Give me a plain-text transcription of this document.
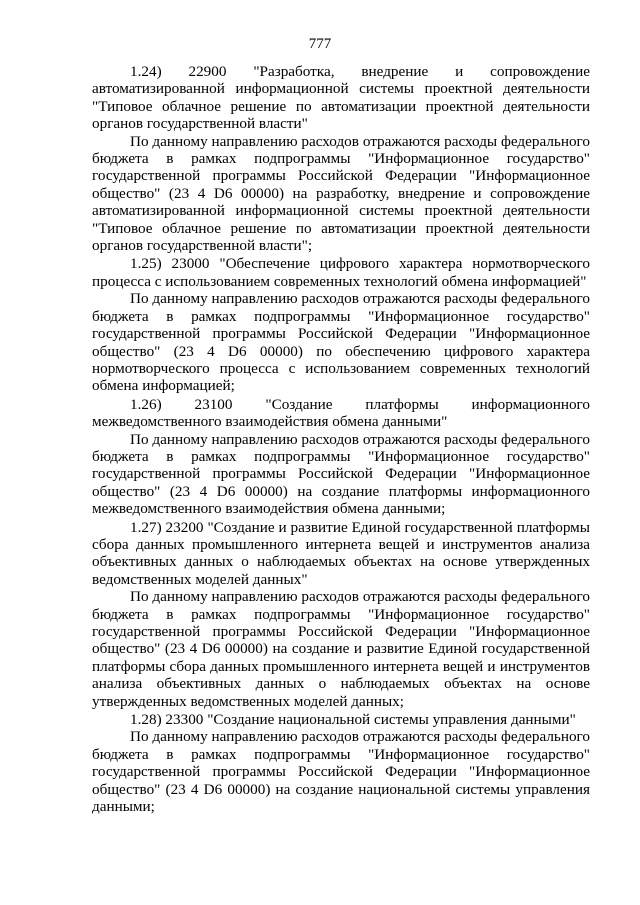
777

1.24) 22900 "Разработка, внедрение и сопровождение автоматизированной информационной системы проектной деятельности "Типовое облачное решение по автоматизации проектной деятельности органов государственной власти"

По данному направлению расходов отражаются расходы федерального бюджета в рамках подпрограммы "Информационное государство" государственной программы Российской Федерации "Информационное общество" (23 4 D6 00000) на разработку, внедрение и сопровождение автоматизированной информационной системы проектной деятельности "Типовое облачное решение по автоматизации проектной деятельности органов государственной власти";

1.25) 23000 "Обеспечение цифрового характера нормотворческого процесса с использованием современных технологий обмена информацией"

По данному направлению расходов отражаются расходы федерального бюджета в рамках подпрограммы "Информационное государство" государственной программы Российской Федерации "Информационное общество" (23 4 D6 00000) по обеспечению цифрового характера нормотворческого процесса с использованием современных технологий обмена информацией;

1.26) 23100 "Создание платформы информационного межведомственного взаимодействия обмена данными"

По данному направлению расходов отражаются расходы федерального бюджета в рамках подпрограммы "Информационное государство" государственной программы Российской Федерации "Информационное общество" (23 4 D6 00000) на создание платформы информационного межведомственного взаимодействия обмена данными;

1.27) 23200 "Создание и развитие Единой государственной платформы сбора данных промышленного интернета вещей и инструментов анализа объективных данных о наблюдаемых объектах на основе утвержденных ведомственных моделей данных"

По данному направлению расходов отражаются расходы федерального бюджета в рамках подпрограммы "Информационное государство" государственной программы Российской Федерации "Информационное общество" (23 4 D6 00000) на создание и развитие Единой государственной платформы сбора данных промышленного интернета вещей и инструментов анализа объективных данных о наблюдаемых объектах на основе утвержденных ведомственных моделей данных;

1.28) 23300 "Создание национальной системы управления данными"

По данному направлению расходов отражаются расходы федерального бюджета в рамках подпрограммы "Информационное государство" государственной программы Российской Федерации "Информационное общество" (23 4 D6 00000) на создание национальной системы управления данными;
